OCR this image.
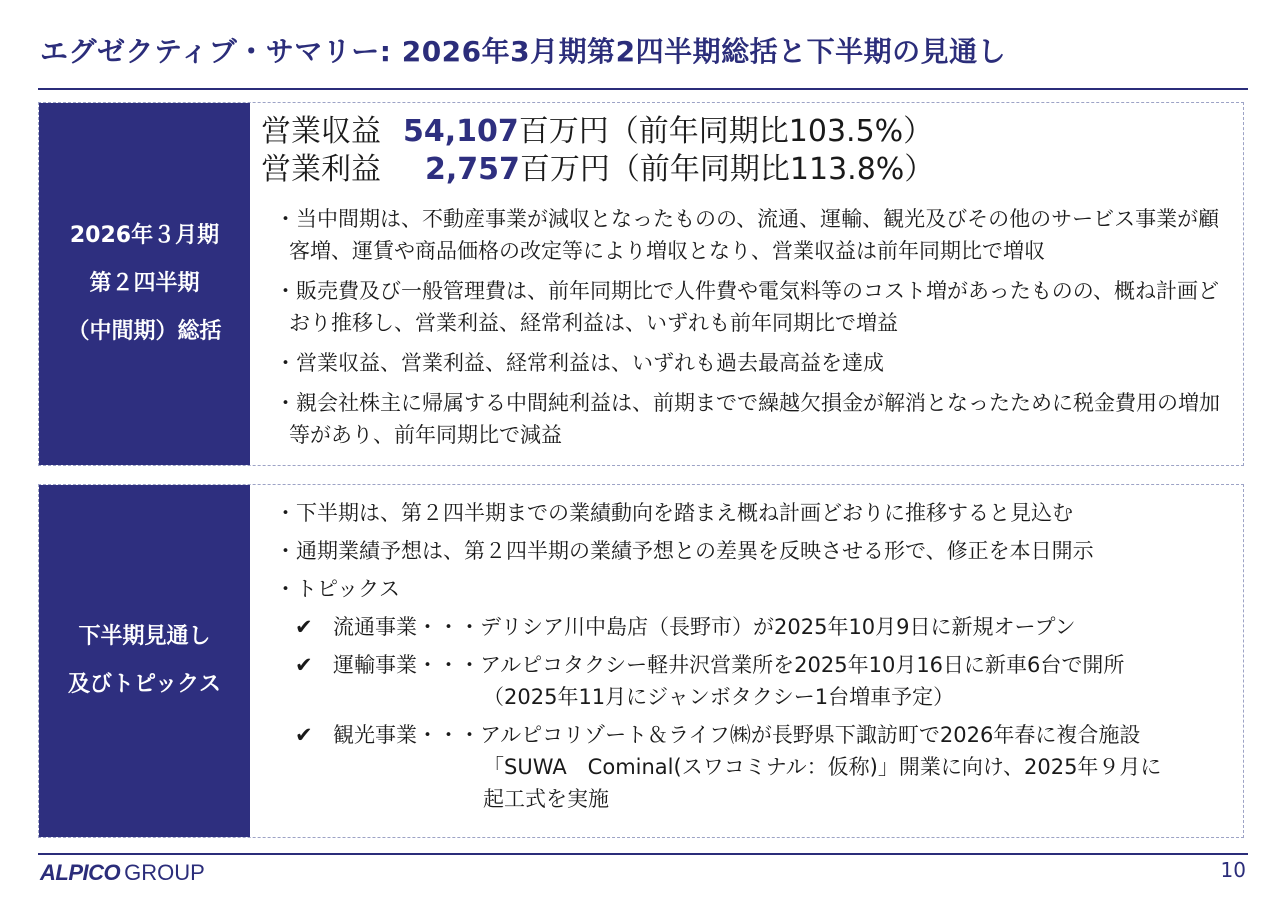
エグゼクティブ・サマリー: 2026年3月期第2四半期総括と下半期の見通し
2026年３月期
第２四半期
（中間期）総括
営業収益 54,107百万円（前年同期比103.5%）
営業利益 2,757百万円（前年同期比113.8%）
・当中間期は、不動産事業が減収となったものの、流通、運輸、観光及びその他のサービス事業が顧客増、運賃や商品価格の改定等により増収となり、営業収益は前年同期比で増収
・販売費及び一般管理費は、前年同期比で人件費や電気料等のコスト増があったものの、概ね計画どおり推移し、営業利益、経常利益は、いずれも前年同期比で増益
・営業収益、営業利益、経常利益は、いずれも過去最高益を達成
・親会社株主に帰属する中間純利益は、前期までで繰越欠損金が解消となったために税金費用の増加等があり、前年同期比で減益
下半期見通し
及びトピックス
・下半期は、第２四半期までの業績動向を踏まえ概ね計画どおりに推移すると見込む
・通期業績予想は、第２四半期の業績予想との差異を反映させる形で、修正を本日開示
・トピックス
✔ 流通事業・・・デリシア川中島店（長野市）が2025年10月9日に新規オープン
✔ 運輸事業・・・アルピコタクシー軽井沢営業所を2025年10月16日に新車6台で開所
（2025年11月にジャンボタクシー1台増車予定）
✔ 観光事業・・・アルピコリゾート＆ライフ㈱が長野県下諏訪町で2026年春に複合施設
「SUWA　Cominal(スワコミナル：仮称)」開業に向け、2025年９月に
起工式を実施
ALPICO GROUP	10
